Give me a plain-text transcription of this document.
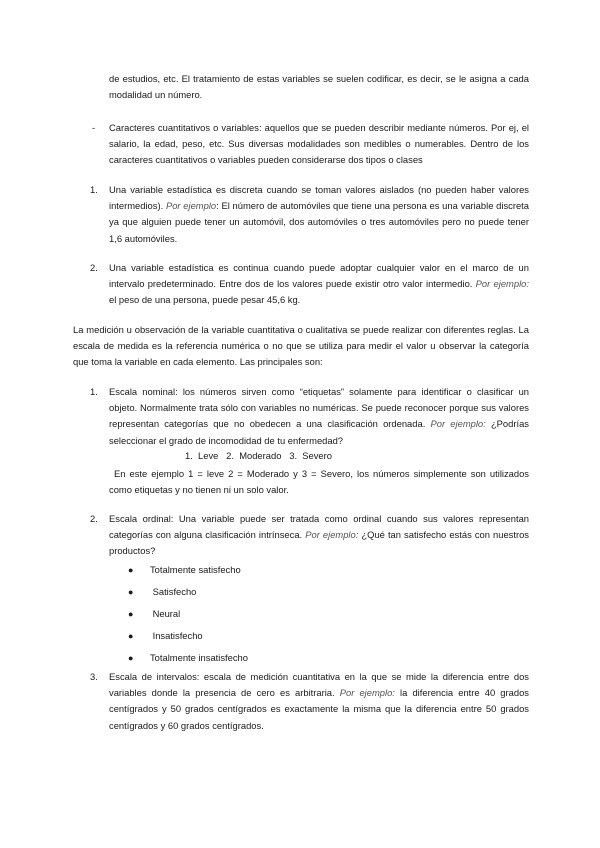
de estudios, etc. El tratamiento de estas variables se suelen codificar, es decir, se le asigna a cada modalidad un número.

- Caracteres cuantitativos o variables: aquellos que se pueden describir mediante números. Por ej, el salario, la edad, peso, etc. Sus diversas modalidades son medibles o numerables. Dentro de los caracteres cuantitativos o variables pueden considerarse dos tipos o clases

1. Una variable estadística es discreta cuando se toman valores aislados (no pueden haber valores intermedios). Por ejemplo: El número de automóviles que tiene una persona es una variable discreta ya que alguien puede tener un automóvil, dos automóviles o tres automóviles pero no puede tener 1,6 automóviles.

2. Una variable estadística es continua cuando puede adoptar cualquier valor en el marco de un intervalo predeterminado. Entre dos de los valores puede existir otro valor intermedio. Por ejemplo: el peso de una persona, puede pesar 45,6 kg.

La medición u observación de la variable cuantitativa o cualitativa se puede realizar con diferentes reglas. La escala de medida es la referencia numérica o no que se utiliza para medir el valor u observar la categoría que toma la variable en cada elemento. Las principales son:

1. Escala nominal: los números sirven como “etiquetas” solamente para identificar o clasificar un objeto. Normalmente trata sólo con variables no numéricas. Se puede reconocer porque sus valores representan categorías que no obedecen a una clasificación ordenada. Por ejemplo: ¿Podrías seleccionar el grado de incomodidad de tu enfermedad?

1.  Leve   2.  Moderado   3.  Severo

En este ejemplo 1 = leve 2 = Moderado y 3 = Severo, los números simplemente son utilizados como etiquetas y no tienen ni un solo valor.

2. Escala ordinal: Una variable puede ser tratada como ordinal cuando sus valores representan categorías con alguna clasificación intrínseca. Por ejemplo: ¿Qué tan satisfecho estás con nuestros productos?

● Totalmente satisfecho
● Satisfecho
● Neural
● Insatisfecho
● Totalmente insatisfecho
3. Escala de intervalos: escala de medición cuantitativa en la que se mide la diferencia entre dos variables donde la presencia de cero es arbitraria. Por ejemplo: la diferencia entre 40 grados centígrados y 50 grados centígrados es exactamente la misma que la diferencia entre 50 grados centígrados y 60 grados centígrados.
